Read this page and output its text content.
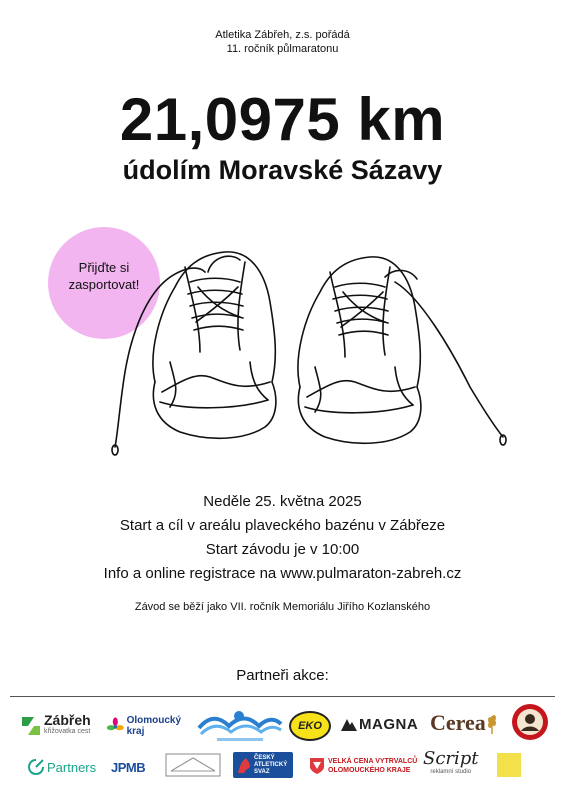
Atletika Zábřeh, z.s. pořádá
11. ročník půlmaratonu
21,0975 km
údolím Moravské Sázavy
Přijďte si
zasportovat!
Neděle 25. května 2025
Start a cíl v areálu plaveckého bazénu v Zábřeze
Start závodu je v 10:00
Info a online registrace na www.pulmaraton-zabreh.cz
Závod se běží jako VII. ročník Memoriálu Jiřího Kozlanského
Partneři akce:
Zábřeh
křižovatka cest
Olomoucký kraj	EKO	MAGNA Cerea
Partners JPMB
ČESKÝ
ATLETICKÝ
SVAZ
VELKÁ CENA VYTRVALCŮ
OLOMOUCKÉHO KRAJE
Script
reklamní studio
